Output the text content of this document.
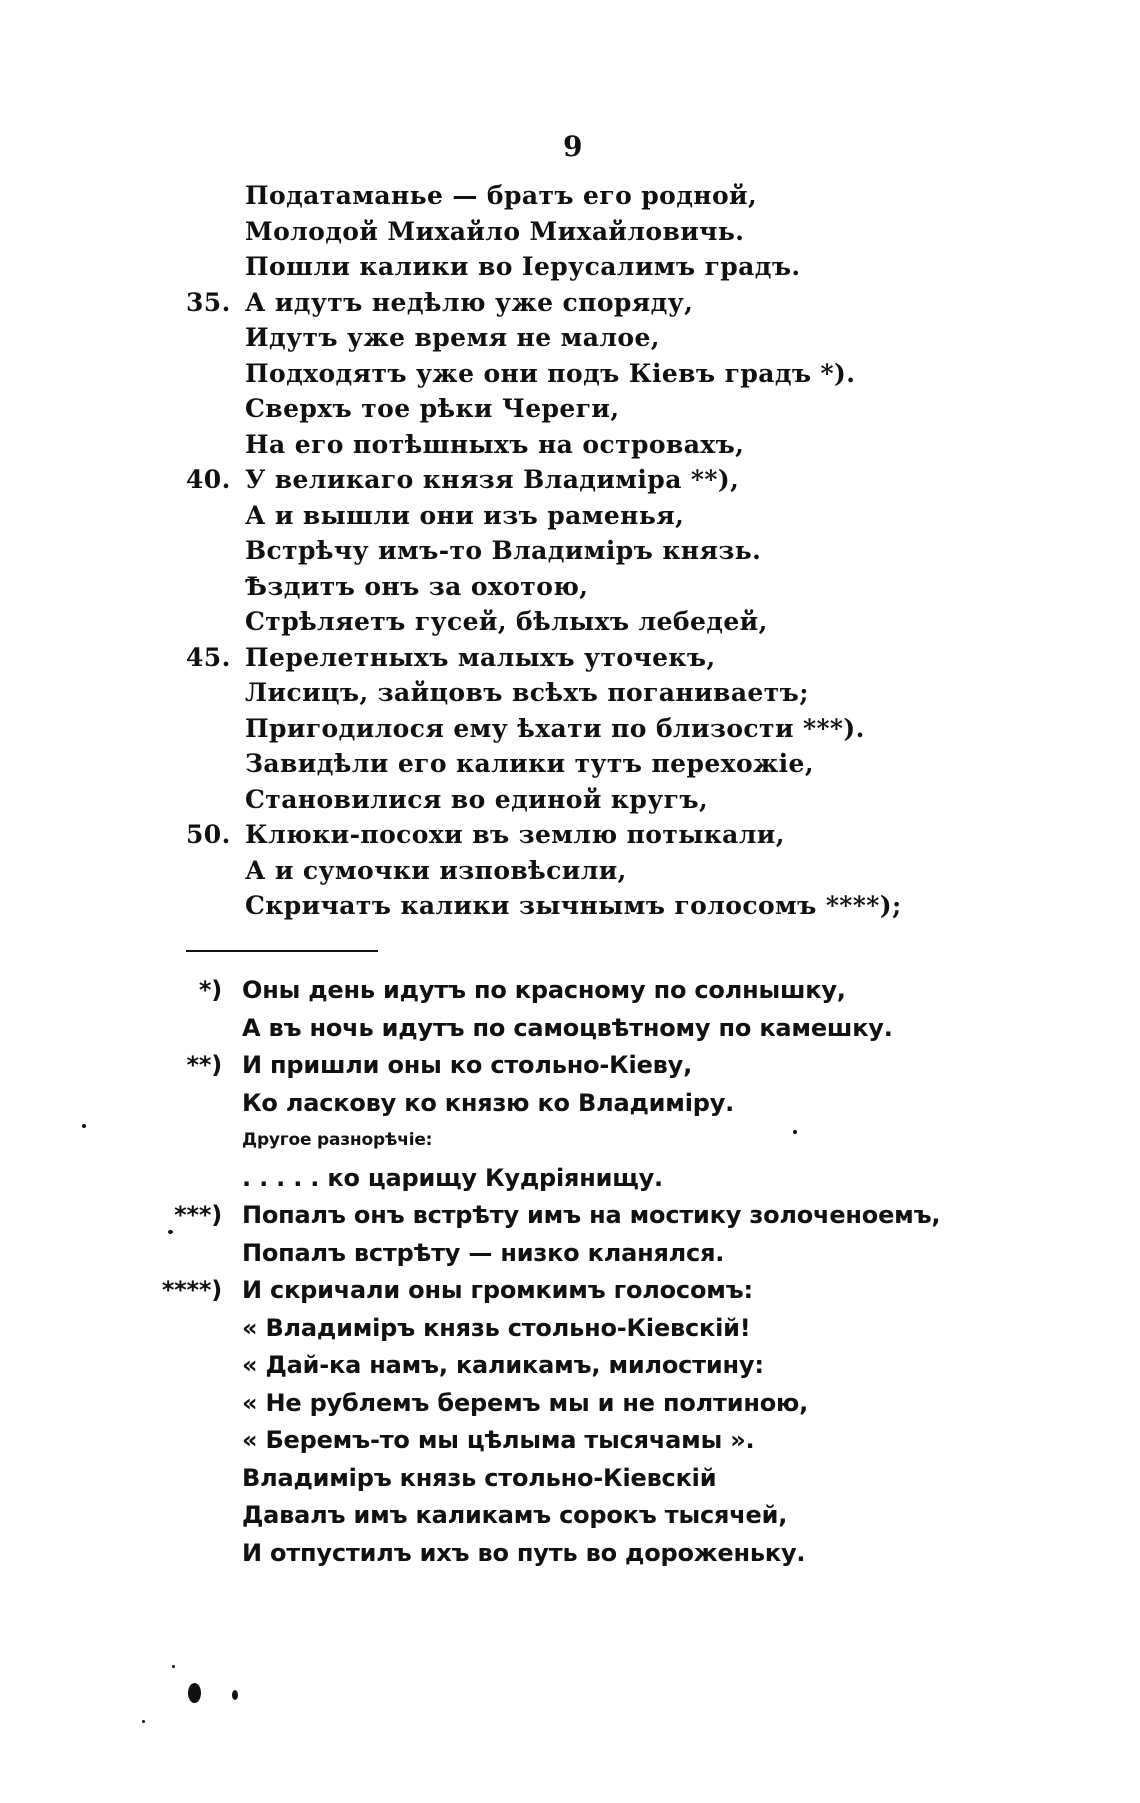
9
Податаманье — братъ его родной,
Молодой Михайло Михайловичь.
Пошли калики во Іерусалимъ градъ.
35. А идутъ недѣлю уже споряду,
Идутъ уже время не малое,
Подходятъ уже они подъ Кіевъ градъ *).
Сверхъ тое рѣки Череги,
На его потѣшныхъ на островахъ,
40. У великаго князя Владиміра **),
А и вышли они изъ раменья,
Встрѣчу имъ-то Владиміръ князь.
Ѣздитъ онъ за охотою,
Стрѣляетъ гусей, бѣлыхъ лебедей,
45. Перелетныхъ малыхъ уточекъ,
Лисицъ, зайцовъ всѣхъ поганиваетъ;
Пригодилося ему ѣхати по близости ***).
Завидѣли его калики тутъ перехожіе,
Становилися во единой кругъ,
50. Клюки-посохи въ землю потыкали,
А и сумочки изповѣсили,
Скричатъ калики зычнымъ голосомъ ****);
*) Оны день идутъ по красному по солнышку,
А въ ночь идутъ по самоцвѣтному по камешку.
**) И пришли оны ко стольно-Кіеву,
Ко ласкову ко князю ко Владиміру.
Другое разнорѣчіе:
. . . . . ко царищу Кудріянищу.
***) Попалъ онъ встрѣту имъ на мостику золоченоемъ,
Попалъ встрѣту — низко кланялся.
****) И скричали оны громкимъ голосомъ:
« Владиміръ князь стольно-Кіевскій!
« Дай-ка намъ, каликамъ, милостину:
« Не рублемъ беремъ мы и не полтиною,
« Беремъ-то мы цѣлыма тысячамы ».
Владиміръ князь стольно-Кіевскій
Давалъ имъ каликамъ сорокъ тысячей,
И отпустилъ ихъ во путь во дороженьку.
